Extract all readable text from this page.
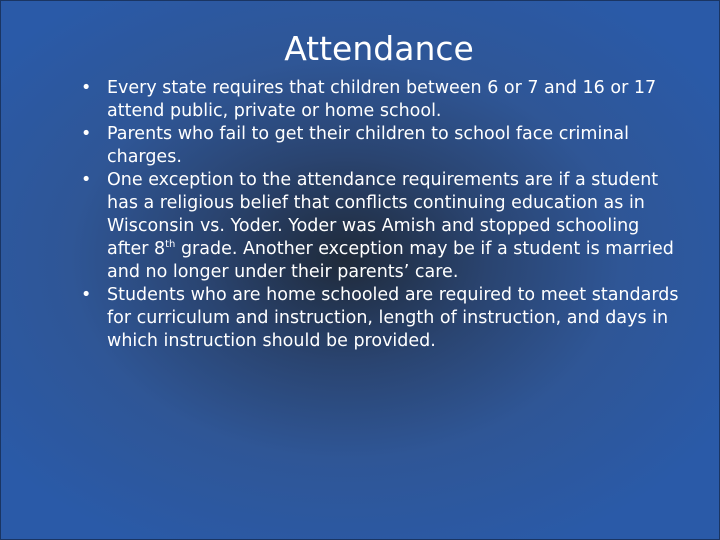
Attendance
• Every state requires that children between 6 or 7 and 16 or 17 attend public, private or home school.
• Parents who fail to get their children to school face criminal charges.
• One exception to the attendance requirements are if a student has a religious belief that conflicts continuing education as in Wisconsin vs. Yoder. Yoder was Amish and stopped schooling after 8th grade. Another exception may be if a student is married and no longer under their parents’ care.
• Students who are home schooled are required to meet standards for curriculum and instruction, length of instruction, and days in which instruction should be provided.
